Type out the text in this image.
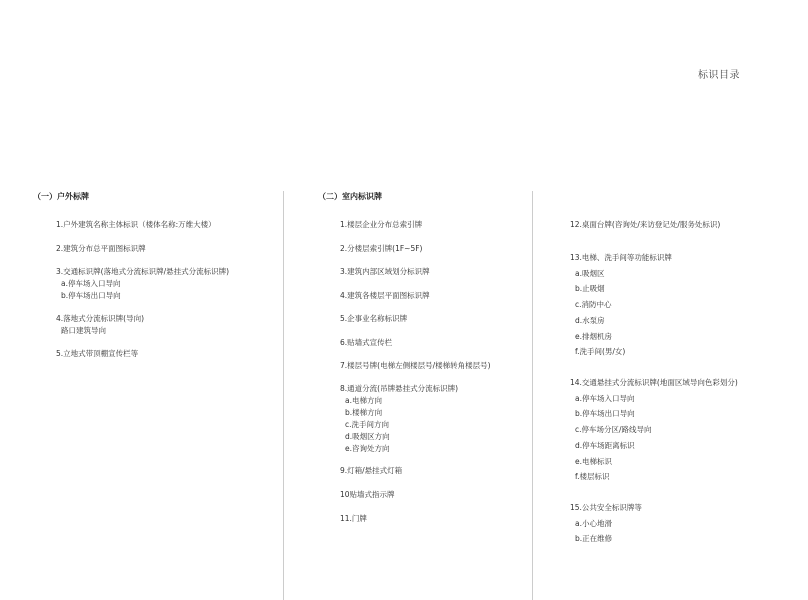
标识目录
（一）户外标牌	（二）室内标识牌
1.户外建筑名称主体标识（楼体名称:万维大楼）
2.建筑分布总平面图标识牌
3.交通标识牌(落地式分流标识牌/悬挂式分流标识牌)
a.停车场入口导向
b.停车场出口导向
4.落地式分流标识牌(导向)
路口建筑导向
5.立地式带顶棚宣传栏等
1.楼层企业分布总索引牌
2.分楼层索引牌(1F~5F)
3.建筑内部区域划分标识牌
4.建筑各楼层平面图标识牌
5.企事业名称标识牌
6.贴墙式宣传栏
7.楼层号牌(电梯左侧楼层号/楼梯转角楼层号)
8.通道分流(吊牌悬挂式分流标识牌)
a.电梯方向
b.楼梯方向
c.洗手间方向
d.吸烟区方向
e.咨询处方向
9.灯箱/悬挂式灯箱
10贴墙式指示牌
11.门牌
12.桌面台牌(咨询处/来访登记处/服务处标识)
13.电梯、洗手间等功能标识牌
a.吸烟区
b.止吸烟
c.消防中心
d.水泵房
e.排烟机房
f.洗手间(男/女)
14.交通悬挂式分流标识牌(地面区域导向色彩划分)
a.停车场入口导向
b.停车场出口导向
c.停车场分区/路线导向
d.停车场距离标识
e.电梯标识
f.楼层标识
15.公共安全标识牌等
a.小心地滑
b.正在维修
